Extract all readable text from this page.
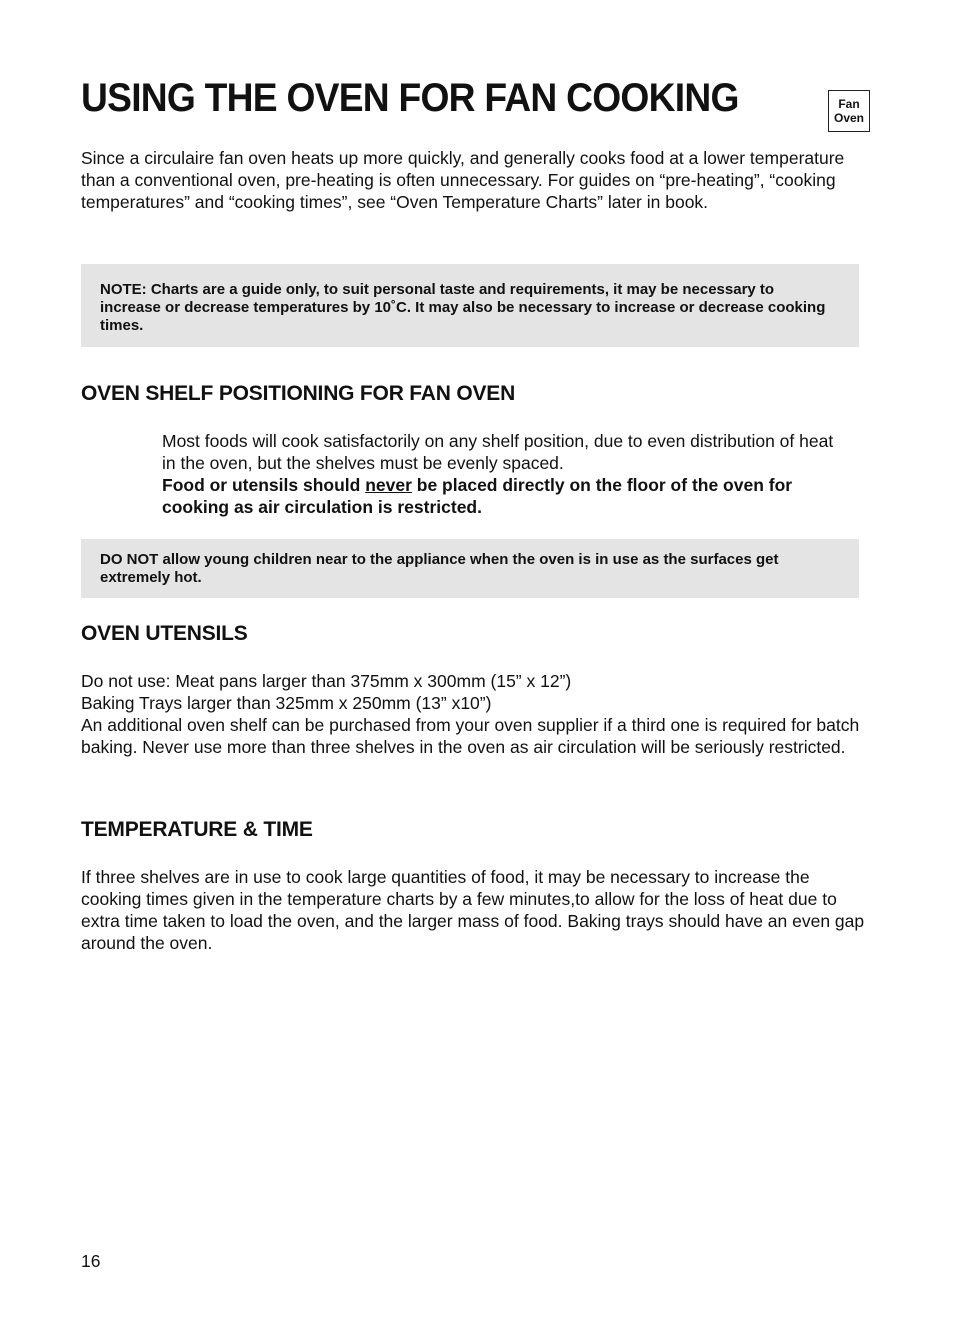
USING THE OVEN FOR FAN COOKING	Fan
Oven

Since a circulaire fan oven heats up more quickly, and generally cooks food at a lower temperature than a conventional oven, pre-heating is often unnecessary. For guides on “pre-heating”, “cooking temperatures” and “cooking times”, see “Oven Temperature Charts” later in book.

NOTE: Charts are a guide only, to suit personal taste and requirements, it may be necessary to increase or decrease temperatures by 10˚C. It may also be necessary to increase or decrease cooking times.
OVEN SHELF POSITIONING FOR FAN OVEN

Most foods will cook satisfactorily on any shelf position, due to even distribution of heat in the oven, but the shelves must be evenly spaced.
Food or utensils should never be placed directly on the floor of the oven for cooking as air circulation is restricted.

DO NOT allow young children near to the appliance when the oven is in use as the surfaces get extremely hot.
OVEN UTENSILS

Do not use: Meat pans larger than 375mm x 300mm (15” x 12”)
Baking Trays larger than 325mm x 250mm (13” x10”)
An additional oven shelf can be purchased from your oven supplier if a third one is required for batch baking. Never use more than three shelves in the oven as air circulation will be seriously restricted.

TEMPERATURE & TIME

If three shelves are in use to cook large quantities of food, it may be necessary to increase the cooking times given in the temperature charts by a few minutes,to allow for the loss of heat due to extra time taken to load the oven, and the larger mass of food. Baking trays should have an even gap around the oven.

16
